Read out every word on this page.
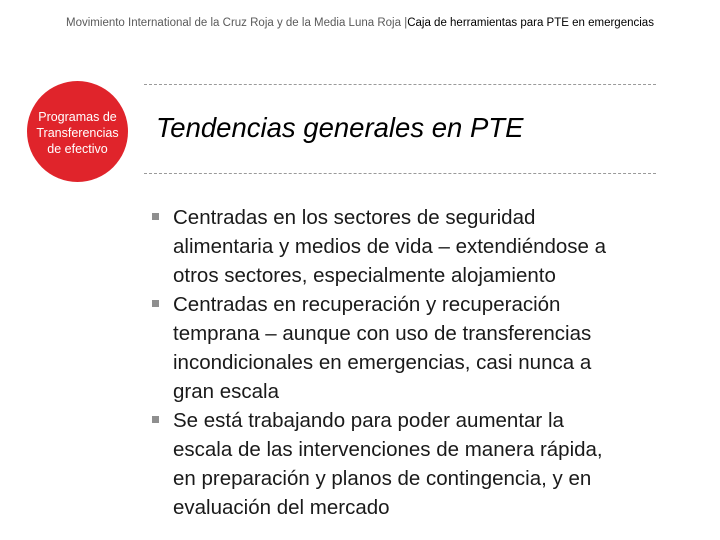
Movimiento International de la Cruz Roja y de la Media Luna Roja |Caja de herramientas para PTE en emergencias
Programas de
Transferencias
de efectivo
Tendencias generales en PTE
Centradas en los sectores de seguridad
alimentaria y medios de vida – extendiéndose a
otros sectores, especialmente alojamiento
Centradas en recuperación y recuperación
temprana – aunque con uso de transferencias
incondicionales en emergencias, casi nunca a
gran escala
Se está trabajando para poder aumentar la
escala de las intervenciones de manera rápida,
en preparación y planos de contingencia, y en
evaluación del mercado
